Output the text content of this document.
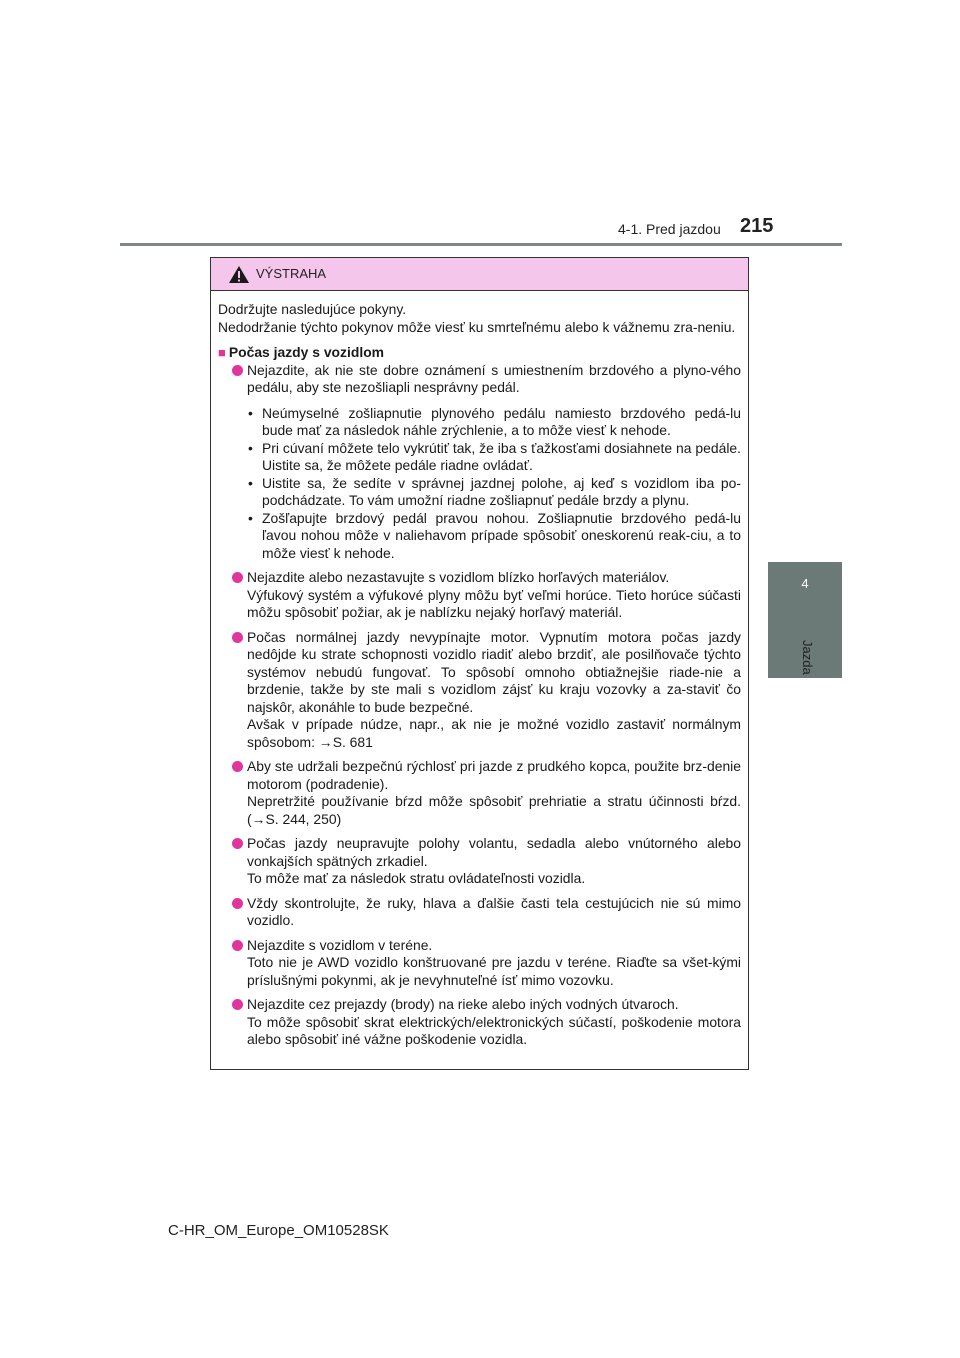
4-1. Pred jazdou 215
4
Jazda
VÝSTRAHA

Dodržujte nasledujúce pokyny.

Nedodržanie týchto pokynov môže viesť ku smrteľnému alebo k vážnemu zra-neniu.

■ Počas jazdy s vozidlom

Nejazdite, ak nie ste dobre oznámení s umiestnením brzdového a plyno-vého pedálu, aby ste nezošliapli nesprávny pedál.

• Neúmyselné zošliapnutie plynového pedálu namiesto brzdového pedá-lu bude mať za následok náhle zrýchlenie, a to môže viesť k nehode.
• Pri cúvaní môžete telo vykrútiť tak, že iba s ťažkosťami dosiahnete na pedále. Uistite sa, že môžete pedále riadne ovládať.
• Uistite sa, že sedíte v správnej jazdnej polohe, aj keď s vozidlom iba po-podchádzate. To vám umožní riadne zošliapnuť pedále brzdy a plynu.
• Zošľapujte brzdový pedál pravou nohou. Zošliapnutie brzdového pedá-lu ľavou nohou môže v naliehavom prípade spôsobiť oneskorenú reak-ciu, a to môže viesť k nehode.

Nejazdite alebo nezastavujte s vozidlom blízko horľavých materiálov.

Výfukový systém a výfukové plyny môžu byť veľmi horúce. Tieto horúce súčasti môžu spôsobiť požiar, ak je nablízku nejaký horľavý materiál.

Počas normálnej jazdy nevypínajte motor. Vypnutím motora počas jazdy nedôjde ku strate schopnosti vozidlo riadiť alebo brzdiť, ale posilňovače týchto systémov nebudú fungovať. To spôsobí omnoho obtiažnejšie riade-nie a brzdenie, takže by ste mali s vozidlom zájsť ku kraju vozovky a za-staviť čo najskôr, akonáhle to bude bezpečné.

Avšak v prípade núdze, napr., ak nie je možné vozidlo zastaviť normálnym spôsobom: →S. 681

Aby ste udržali bezpečnú rýchlosť pri jazde z prudkého kopca, použite brz-denie motorom (podradenie).

Nepretržité používanie bŕzd môže spôsobiť prehriatie a stratu účinnosti bŕzd. (→S. 244, 250)

Počas jazdy neupravujte polohy volantu, sedadla alebo vnútorného alebo vonkajších spätných zrkadiel.

To môže mať za následok stratu ovládateľnosti vozidla.

Vždy skontrolujte, že ruky, hlava a ďalšie časti tela cestujúcich nie sú mimo vozidlo.

Nejazdite s vozidlom v teréne.

Toto nie je AWD vozidlo konštruované pre jazdu v teréne. Riaďte sa všet-kými príslušnými pokynmi, ak je nevyhnuteľné ísť mimo vozovku.

Nejazdite cez prejazdy (brody) na rieke alebo iných vodných útvaroch.

To môže spôsobiť skrat elektrických/elektronických súčastí, poškodenie motora alebo spôsobiť iné vážne poškodenie vozidla.

C-HR_OM_Europe_OM10528SK
